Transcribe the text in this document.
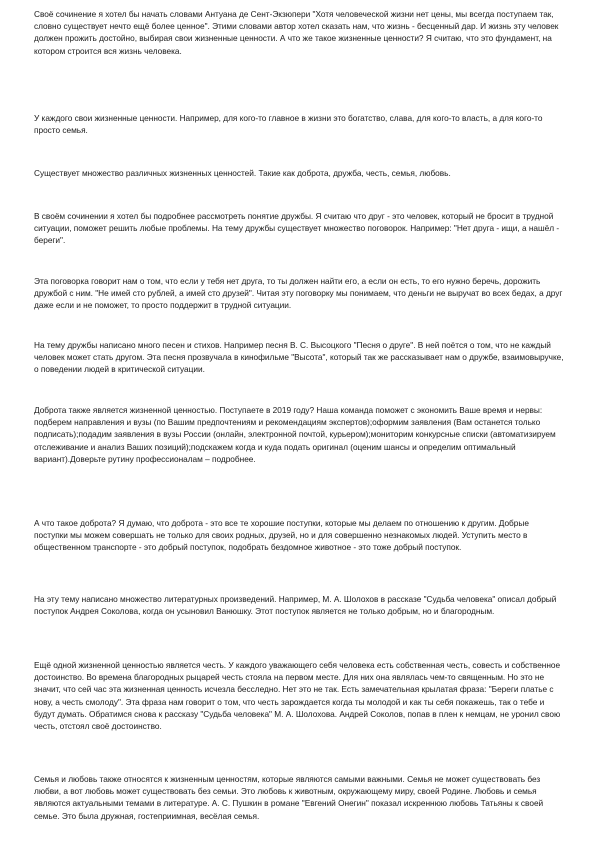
Своё сочинение я хотел бы начать словами Антуана де Сент-Экзюпери "Хотя человеческой жизни нет цены, мы всегда поступаем так, словно существует нечто ещё более ценное". Этими словами автор хотел сказать нам, что жизнь - бесценный дар. И жизнь эту человек должен прожить достойно, выбирая свои жизненные ценности. А что же такое жизненные ценности? Я считаю, что это фундамент, на котором строится вся жизнь человека.

У каждого свои жизненные ценности. Например, для кого-то главное в жизни это богатство, слава, для кого-то власть, а для кого-то просто семья.

Существует множество различных жизненных ценностей. Такие как доброта, дружба, честь, семья, любовь.

В своём сочинении я хотел бы подробнее рассмотреть понятие дружбы. Я считаю что друг - это человек, который не бросит в трудной ситуации, поможет решить любые проблемы. На тему дружбы существует множество поговорок. Например: "Нет друга - ищи, а нашёл - береги".

Эта поговорка говорит нам о том, что если у тебя нет друга, то ты должен найти его, а если он есть, то его нужно беречь, дорожить дружбой с ним. "Не имей сто рублей, а имей сто друзей". Читая эту поговорку мы понимаем, что деньги не выручат во всех бедах, а друг даже если и не поможет, то просто поддержит в трудной ситуации.

На тему дружбы написано много песен и стихов. Например песня В. С. Высоцкого "Песня о друге". В ней поётся о том, что не каждый человек может стать другом. Эта песня прозвучала в кинофильме "Высота", который так же рассказывает нам о дружбе, взаимовыручке, о поведении людей в критической ситуации.

Доброта также является жизненной ценностью. Поступаете в 2019 году? Наша команда поможет с экономить Ваше время и нервы: подберем направления и вузы (по Вашим предпочтениям и рекомендациям экспертов);оформим заявления (Вам останется только подписать);подадим заявления в вузы России (онлайн, электронной почтой, курьером);мониторим конкурсные списки (автоматизируем отслеживание и анализ Ваших позиций);подскажем когда и куда подать оригинал (оценим шансы и определим оптимальный вариант).Доверьте рутину профессионалам – подробнее.

А что такое доброта? Я думаю, что доброта - это все те хорошие поступки, которые мы делаем по отношению к другим. Добрые поступки мы можем совершать не только для своих родных, друзей, но и для совершенно незнакомых людей. Уступить место в общественном транспорте - это добрый поступок, подобрать бездомное животное - это тоже добрый поступок.

На эту тему написано множество литературных произведений. Например, М. А. Шолохов в рассказе "Судьба человека" описал добрый поступок Андрея Соколова, когда он усыновил Ванюшку. Этот поступок является не только добрым, но и благородным.

Ещё одной жизненной ценностью является честь. У каждого уважающего себя человека есть собственная честь, совесть и собственное достоинство. Во времена благородных рыцарей честь стояла на первом месте. Для них она являлась чем-то священным. Но это не значит, что сей час эта жизненная ценность исчезла бесследно. Нет это не так. Есть замечательная крылатая фраза: "Береги платье с нову, а честь смолоду". Эта фраза нам говорит о том, что честь зарождается когда ты молодой и как ты себя покажешь, так о тебе и будут думать. Обратимся снова к рассказу "Судьба человека" М. А. Шолохова. Андрей Соколов, попав в плен к немцам, не уронил свою честь, отстоял своё достоинство.

Семья и любовь также относятся к жизненным ценностям, которые являются самыми важными. Семья не может существовать без любви, а вот любовь может существовать без семьи. Это любовь к животным, окружающему миру, своей Родине. Любовь и семья являются актуальными темами в литературе. А. С. Пушкин в романе "Евгений Онегин" показал искреннюю любовь Татьяны к своей семье. Это была дружная, гостеприимная, весёлая семья.
